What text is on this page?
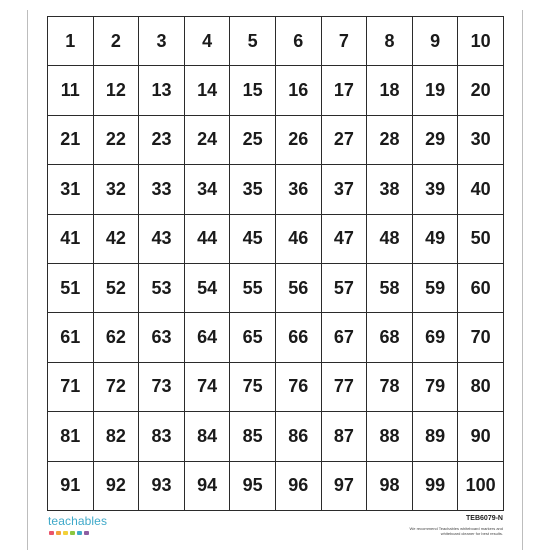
1	2	3	4	5	6	7	8	9	10
11	12	13	14	15	16	17	18	19	20
21	22	23	24	25	26	27	28	29	30
31	32	33	34	35	36	37	38	39	40
41	42	43	44	45	46	47	48	49	50
51	52	53	54	55	56	57	58	59	60
61	62	63	64	65	66	67	68	69	70
71	72	73	74	75	76	77	78	79	80
81	82	83	84	85	86	87	88	89	90
91	92	93	94	95	96	97	98	99	100
teachables	TEB6079-N
We recommend Teachables whiteboard markers and whiteboard cleaner for best results.
